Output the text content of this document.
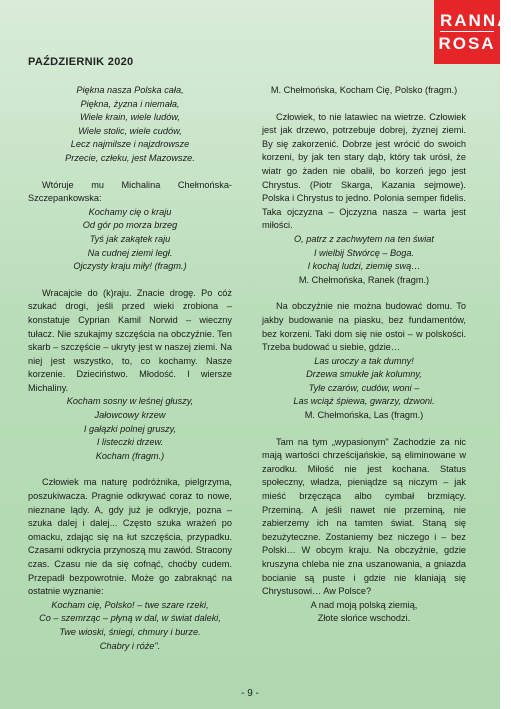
PAŹDZIERNIK 2020
RANNA
ROSA
Piękna nasza Polska cała,
Piękna, żyzna i niemała,
Wiele krain, wiele ludów,
Wiele stolic, wiele cudów,
Lecz najmilsze i najzdrowsze
Przecie, człeku, jest Mazowsze.

Wtóruje mu Michalina Chełmońska-Szczepankowska:

Kochamy cię o kraju
Od gór po morza brzeg
Tyś jak zakątek raju
Na cudnej ziemi legł.
Ojczysty kraju miły! (fragm.)

Wracajcie do (k)raju. Znacie drogę. Po cóż szukać drogi, jeśli przed wieki zrobiona – konstatuje Cyprian Kamil Norwid – wieczny tułacz. Nie szukajmy szczęścia na obczyźnie. Ten skarb – szczęście – ukryty jest w naszej ziemi. Na niej jest wszystko, to, co kochamy. Nasze korzenie. Dzieciństwo. Młodość. I wiersze Michaliny.

Kocham sosny w leśnej głuszy,
Jałowcowy krzew
I gałązki polnej gruszy,
I listeczki drzew.
Kocham (fragm.)

Człowiek ma naturę podróżnika, pielgrzyma, poszukiwacza. Pragnie odkrywać coraz to nowe, nieznane lądy. A, gdy już je odkryje, pozna – szuka dalej i dalej... Często szuka wrażeń po omacku, zdając się na łut szczęścia, przypadku. Czasami odkrycia przynoszą mu zawód. Stracony czas. Czasu nie da się cofnąć, choćby cudem. Przepadł bezpowrotnie. Może go zabraknąć na ostatnie wyznanie:

Kocham cię, Polsko! – twe szare rzeki,
Co – szemrząc – płyną w dal, w świat daleki,
Twe wioski, śniegi, chmury i burze.
Chabry i róże".
M. Chełmońska, Kocham Cię, Polsko (fragm.)

Człowiek, to nie latawiec na wietrze. Człowiek jest jak drzewo, potrzebuje dobrej, żyznej ziemi. By się zakorzenić. Dobrze jest wrócić do swoich korzeni, by jak ten stary dąb, który tak urósł, że wiatr go żaden nie obalił, bo korzeń jego jest Chrystus. (Piotr Skarga, Kazania sejmowe). Polska i Chrystus to jedno. Polonia semper fidelis. Taka ojczyzna – Ojczyzna nasza – warta jest miłości.

O, patrz z zachwytem na ten świat
I wielbij Stwórcę – Boga.
I kochaj ludzi, ziemię swą…
M. Chełmońska, Ranek (fragm.)

Na obczyźnie nie można budować domu. To jakby budowanie na piasku, bez fundamentów, bez korzeni. Taki dom się nie ostoi – w polskości. Trzeba budować u siebie, gdzie…

Las uroczy a tak dumny!
Drzewa smukłe jak kolumny,
Tyle czarów, cudów, woni –
Las wciąż śpiewa, gwarzy, dzwoni.
M. Chełmońska, Las (fragm.)

Tam na tym „wypasionym" Zachodzie za nic mają wartości chrześcijańskie, są eliminowane w zarodku. Miłość nie jest kochana. Status społeczny, władza, pieniądze są niczym – jak mieść brzęcząca albo cymbał brzmiący. Przeminą. A jeśli nawet nie przeminą, nie zabierzemy ich na tamten świat. Staną się bezużyteczne. Zostaniemy bez niczego i – bez Polski… W obcym kraju. Na obczyźnie, gdzie kruszyna chleba nie zna uszanowania, a gniazda bocianie są puste i gdzie nie kłaniają się Chrystusowi… Aw Polsce?

A nad moją polską ziemią,
Złote słońce wschodzi.
- 9 -
